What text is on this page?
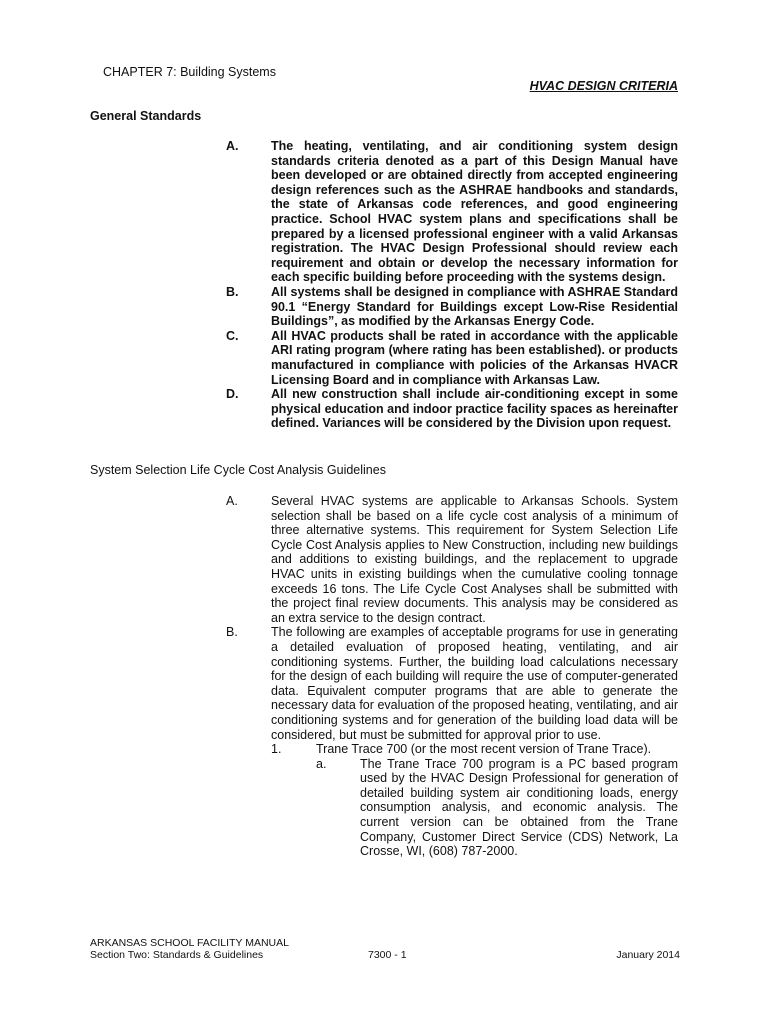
CHAPTER 7: Building Systems
HVAC DESIGN CRITERIA
General Standards
A.	The heating, ventilating, and air conditioning system design standards criteria denoted as a part of this Design Manual have been developed or are obtained directly from accepted engineering design references such as the ASHRAE handbooks and standards, the state of Arkansas code references, and good engineering practice. School HVAC system plans and specifications shall be prepared by a licensed professional engineer with a valid Arkansas registration. The HVAC Design Professional should review each requirement and obtain or develop the necessary information for each specific building before proceeding with the systems design.
B.	All systems shall be designed in compliance with ASHRAE Standard 90.1 “Energy Standard for Buildings except Low-Rise Residential Buildings”, as modified by the Arkansas Energy Code.
C.	All HVAC products shall be rated in accordance with the applicable ARI rating program (where rating has been established). or products manufactured in compliance with policies of the Arkansas HVACR Licensing Board and in compliance with Arkansas Law.
D.	All new construction shall include air-conditioning except in some physical education and indoor practice facility spaces as hereinafter defined. Variances will be considered by the Division upon request.
System Selection Life Cycle Cost Analysis Guidelines
A.	Several HVAC systems are applicable to Arkansas Schools. System selection shall be based on a life cycle cost analysis of a minimum of three alternative systems. This requirement for System Selection Life Cycle Cost Analysis applies to New Construction, including new buildings and additions to existing buildings, and the replacement to upgrade HVAC units in existing buildings when the cumulative cooling tonnage exceeds 16 tons. The Life Cycle Cost Analyses shall be submitted with the project final review documents. This analysis may be considered as an extra service to the design contract.
B.	The following are examples of acceptable programs for use in generating a detailed evaluation of proposed heating, ventilating, and air conditioning systems. Further, the building load calculations necessary for the design of each building will require the use of computer-generated data. Equivalent computer programs that are able to generate the necessary data for evaluation of the proposed heating, ventilating, and air conditioning systems and for generation of the building load data will be considered, but must be submitted for approval prior to use.
1.	Trane Trace 700 (or the most recent version of Trane Trace).
a.	The Trane Trace 700 program is a PC based program used by the HVAC Design Professional for generation of detailed building system air conditioning loads, energy consumption analysis, and economic analysis. The current version can be obtained from the Trane Company, Customer Direct Service (CDS) Network, La Crosse, WI, (608) 787-2000.
ARKANSAS SCHOOL FACILITY MANUAL
Section Two: Standards & Guidelines	7300 - 1	January 2014
